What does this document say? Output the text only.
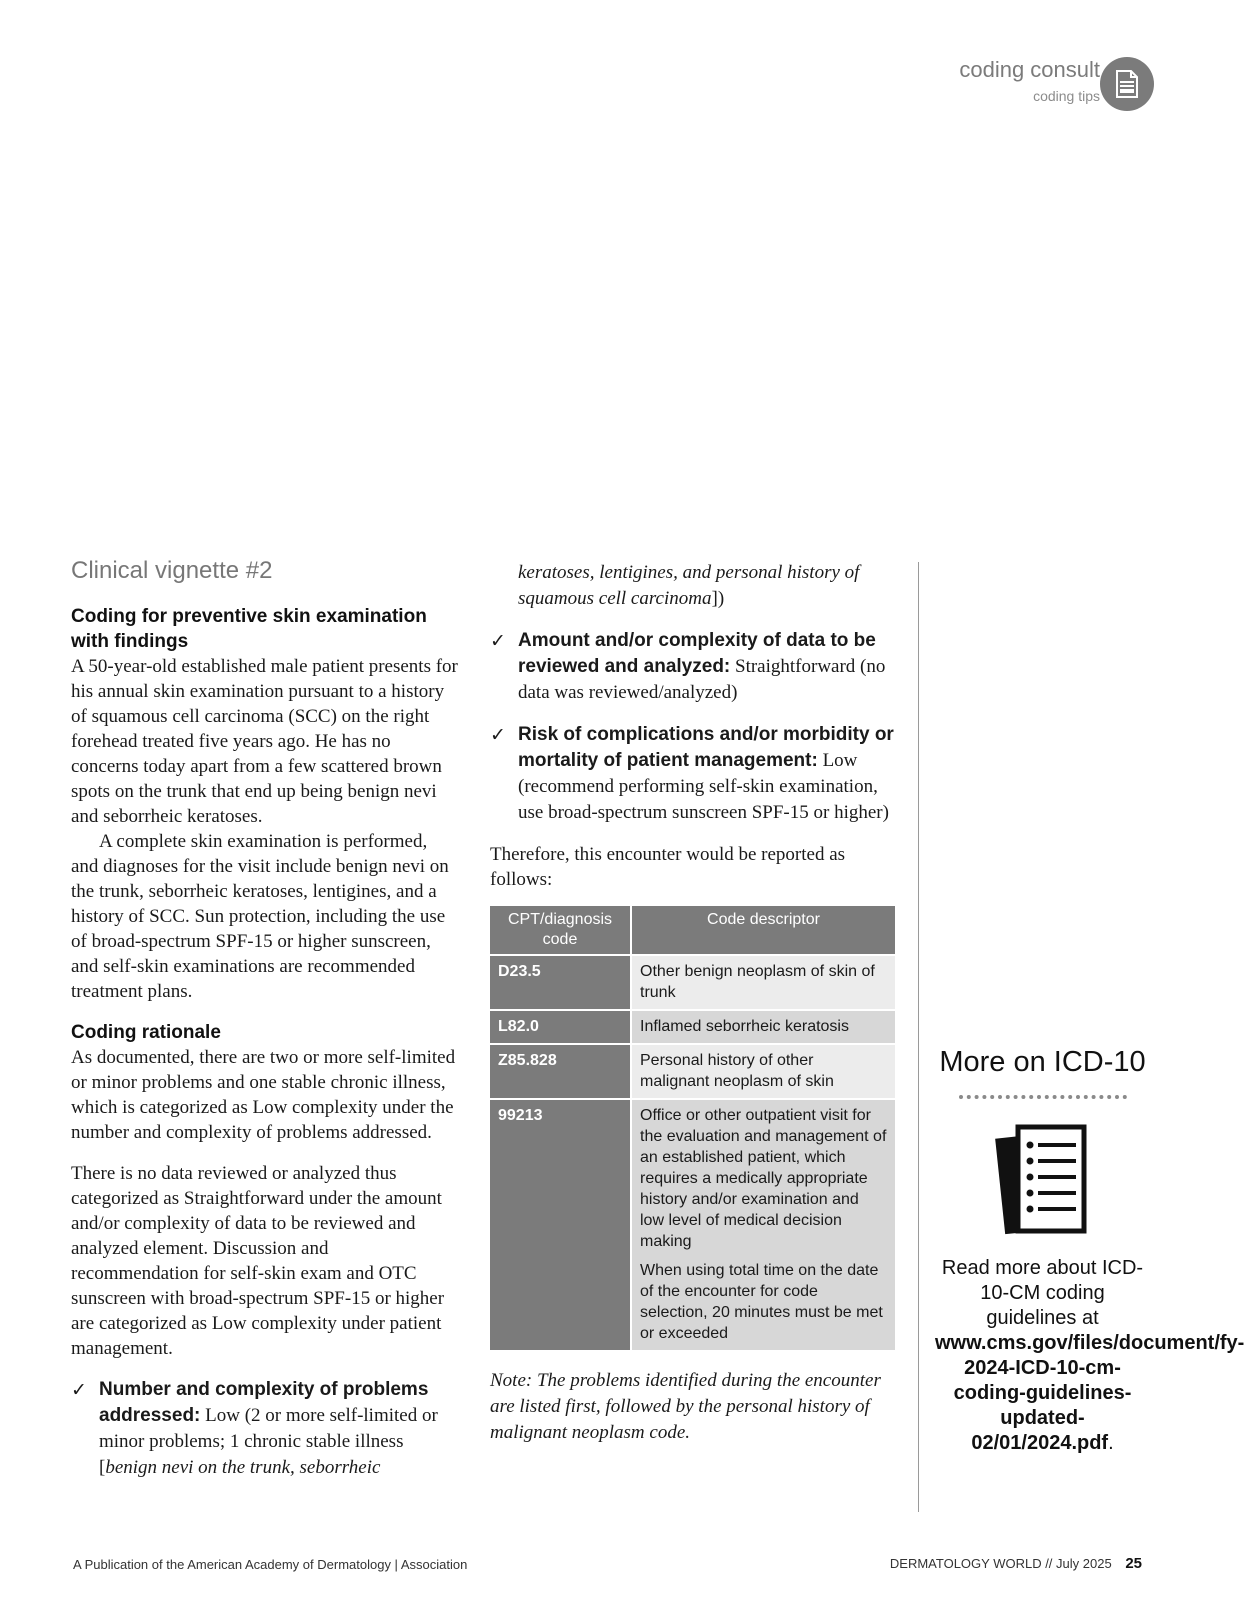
coding consult
coding tips
Clinical vignette #2
Coding for preventive skin examination
with findings

A 50-year-old established male patient presents for his annual skin examination pursuant to a history of squamous cell carcinoma (SCC) on the right forehead treated five years ago. He has no concerns today apart from a few scattered brown spots on the trunk that end up being benign nevi and seborrheic keratoses.

A complete skin examination is performed, and diagnoses for the visit include benign nevi on the trunk, seborrheic keratoses, lentigines, and a history of SCC. Sun protection, including the use of broad-spectrum SPF-15 or higher sunscreen, and self-skin examinations are recommended treatment plans.

Coding rationale

As documented, there are two or more self-limited or minor problems and one stable chronic illness, which is categorized as Low complexity under the number and complexity of problems addressed.

There is no data reviewed or analyzed thus categorized as Straightforward under the amount and/or complexity of data to be reviewed and analyzed element. Discussion and recommendation for self-skin exam and OTC sunscreen with broad-spectrum SPF-15 or higher are categorized as Low complexity under patient management.

✓ Number and complexity of problems addressed: Low (2 or more self-limited or minor problems; 1 chronic stable illness [benign nevi on the trunk, seborrheic

keratoses, lentigines, and personal history of squamous cell carcinoma])

✓ Amount and/or complexity of data to be reviewed and analyzed: Straightforward (no data was reviewed/analyzed)
✓ Risk of complications and/or morbidity or mortality of patient management: Low (recommend performing self-skin examination, use broad-spectrum sunscreen SPF-15 or higher)

Therefore, this encounter would be reported as follows:

CPT/diagnosis code	Code descriptor
D23.5	Other benign neoplasm of skin of trunk
L82.0	Inflamed seborrheic keratosis
Z85.828	Personal history of other malignant neoplasm of skin
99213	Office or other outpatient visit for the evaluation and management of an established patient, which requires a medically appropriate history and/or examination and low level of medical decision making
When using total time on the date of the encounter for code selection, 20 minutes must be met or exceeded

Note: The problems identified during the encounter are listed first, followed by the personal history of malignant neoplasm code.

More on ICD-10
Read more about ICD-10-CM coding guidelines at www.cms.gov/files/document/fy-2024-ICD-10-cm-coding-guidelines-updated-02/01/2024.pdf.
A Publication of the American Academy of Dermatology | Association	DERMATOLOGY WORLD // July 2025 25
